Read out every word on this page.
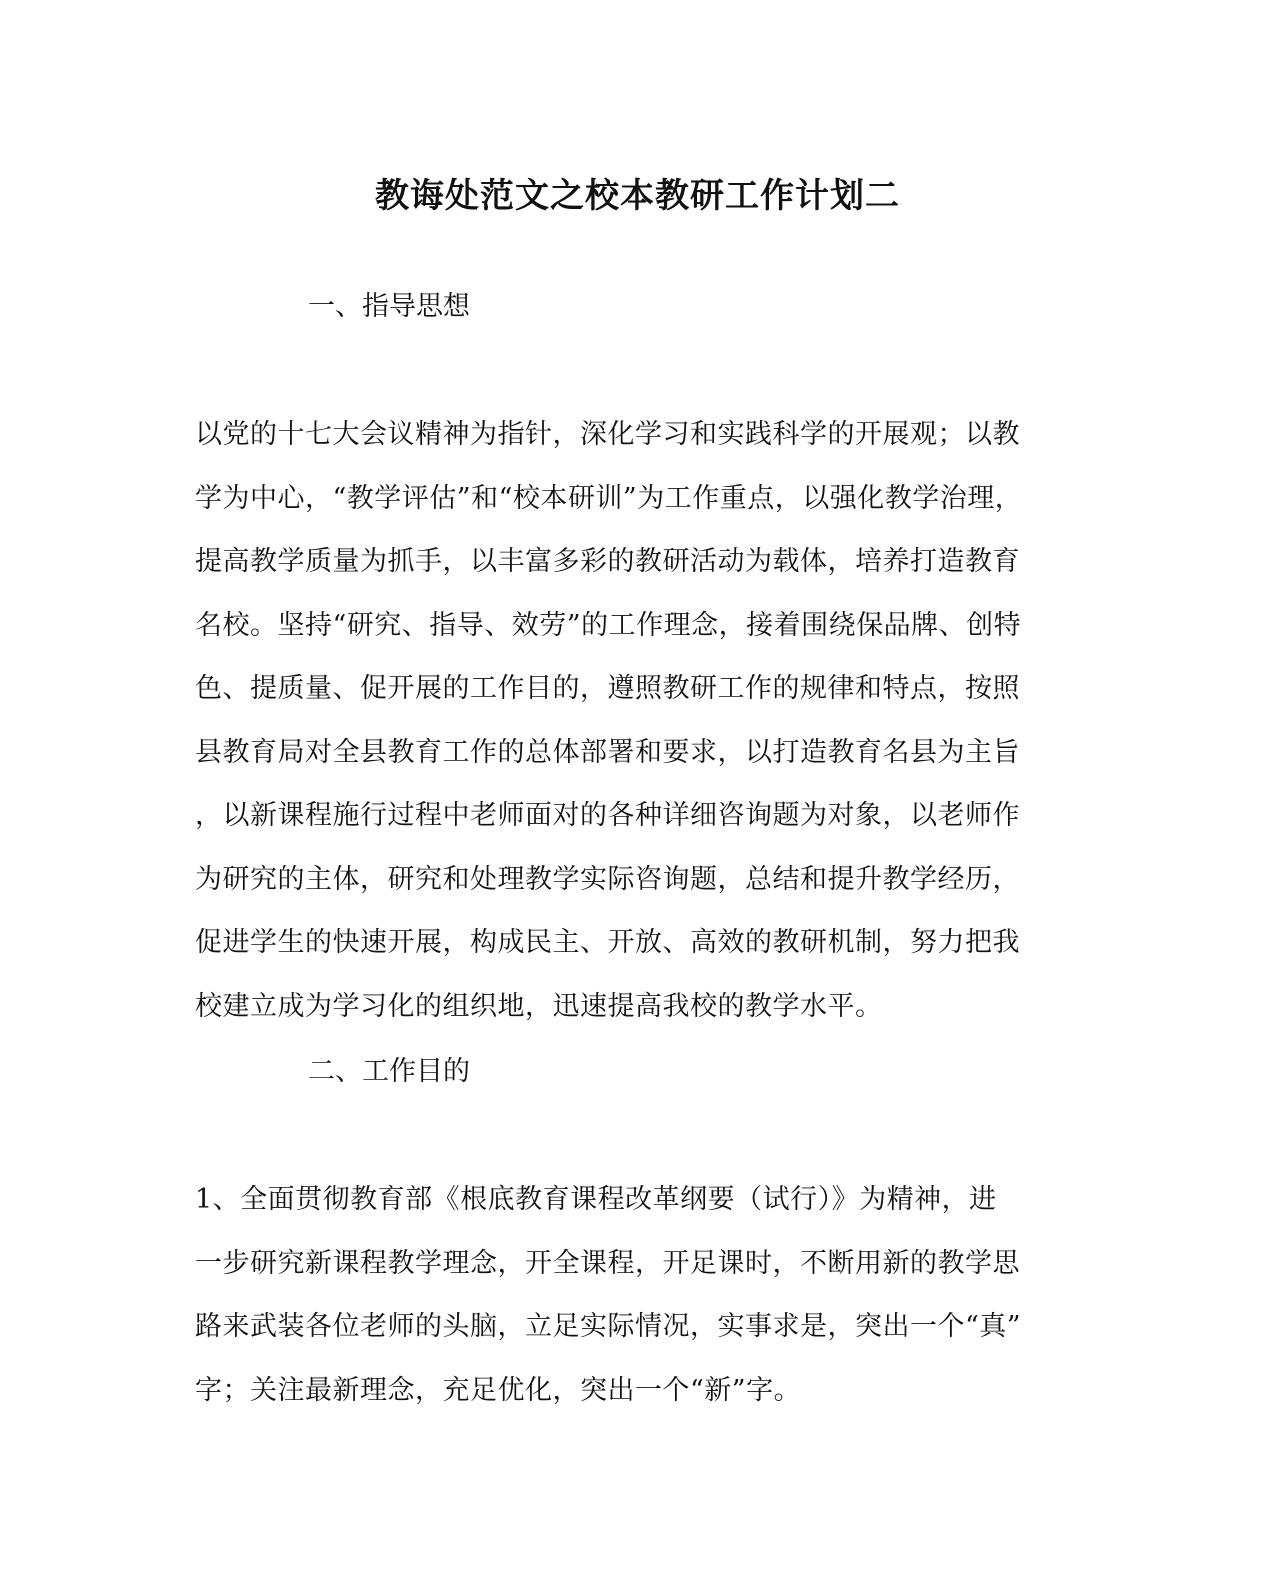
教诲处范文之校本教研工作计划二
一、指导思想
以党的十七大会议精神为指针，深化学习和实践科学的开展观；以教
学为中心，“教学评估”和“校本研训”为工作重点，以强化教学治理，
提高教学质量为抓手，以丰富多彩的教研活动为载体，培养打造教育
名校。坚持“研究、指导、效劳”的工作理念，接着围绕保品牌、创特
色、提质量、促开展的工作目的，遵照教研工作的规律和特点，按照
县教育局对全县教育工作的总体部署和要求，以打造教育名县为主旨
，以新课程施行过程中老师面对的各种详细咨询题为对象，以老师作
为研究的主体，研究和处理教学实际咨询题，总结和提升教学经历，
促进学生的快速开展，构成民主、开放、高效的教研机制，努力把我
校建立成为学习化的组织地，迅速提高我校的教学水平。
二、工作目的
1、全面贯彻教育部《根底教育课程改革纲要（试行）》为精神，进
一步研究新课程教学理念，开全课程，开足课时，不断用新的教学思
路来武装各位老师的头脑，立足实际情况，实事求是，突出一个“真”
字；关注最新理念，充足优化，突出一个“新”字。
